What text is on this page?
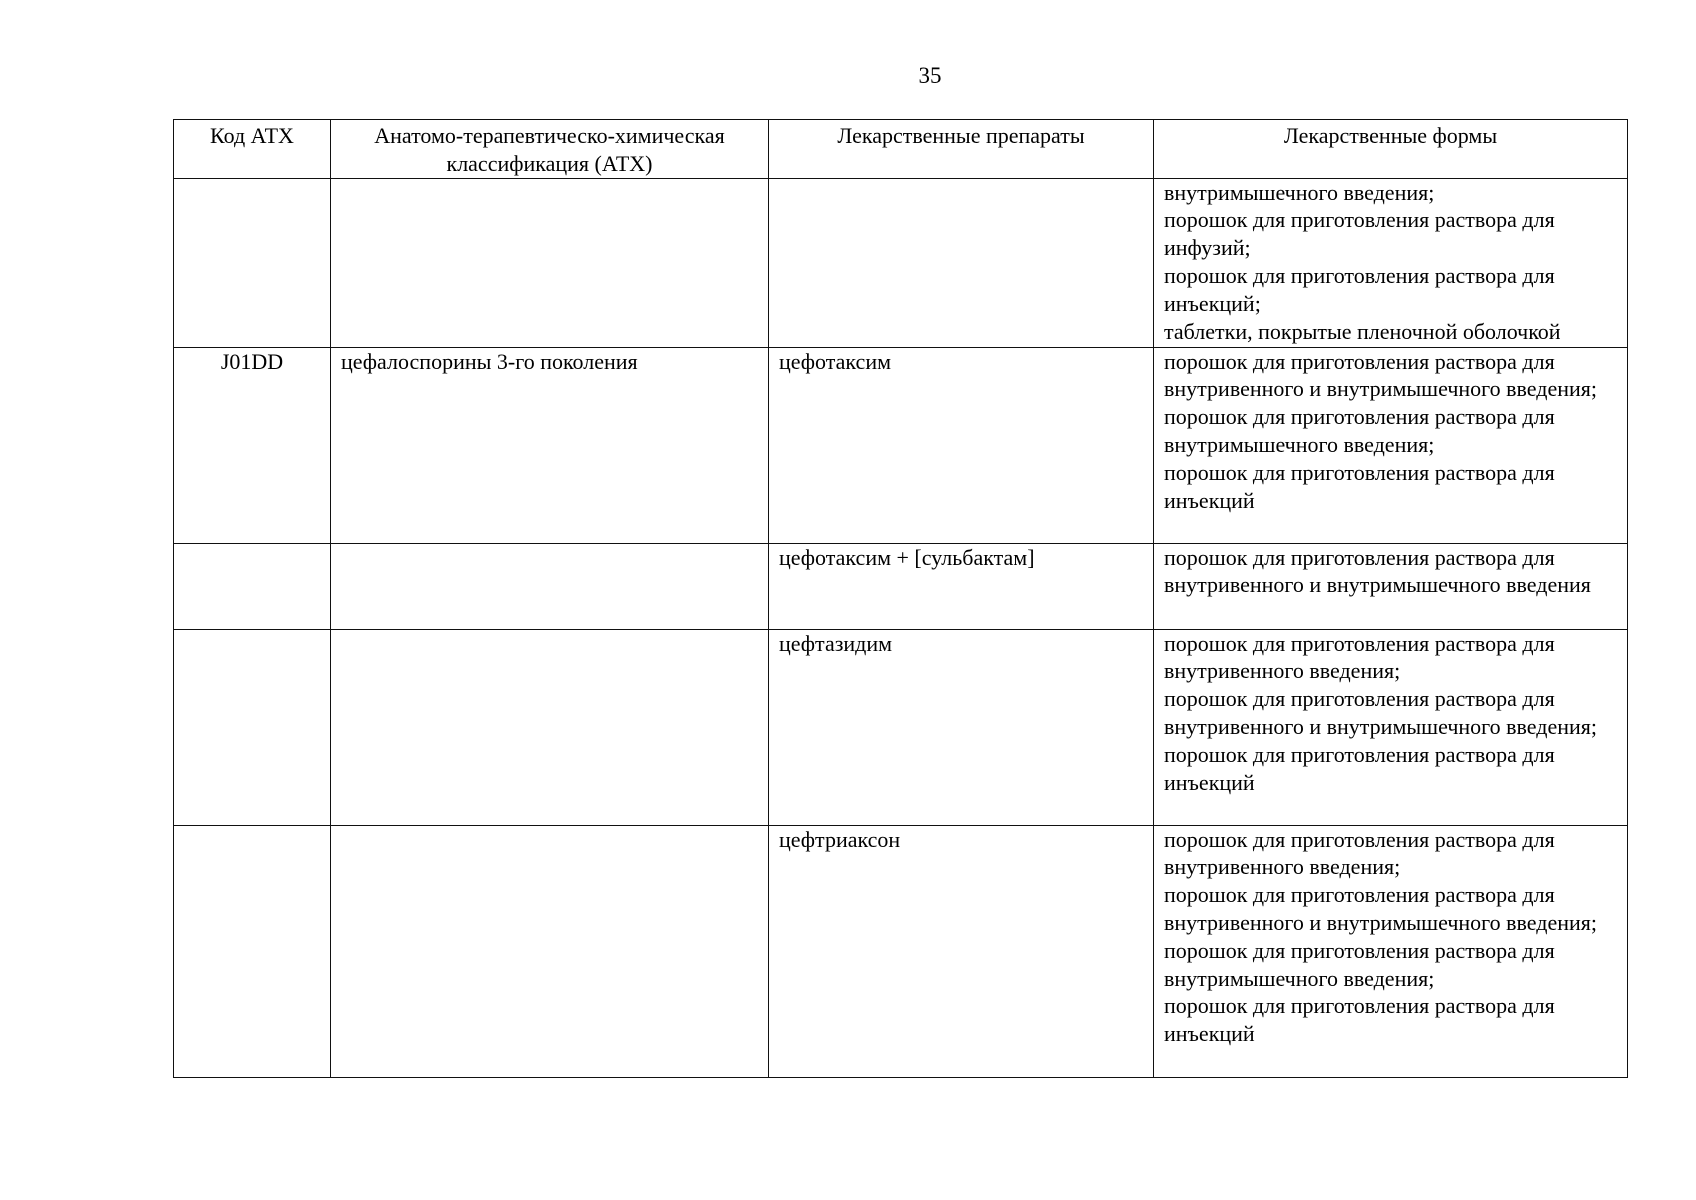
35
Код АТХ	Анатомо-терапевтическо-химическая классификация (АТХ)	Лекарственные препараты	Лекарственные формы
			внутримышечного введения;
порошок для приготовления раствора для инфузий;
порошок для приготовления раствора для инъекций;
таблетки, покрытые пленочной оболочкой
J01DD	цефалоспорины 3-го поколения	цефотаксим	порошок для приготовления раствора для внутривенного и внутримышечного введения;
порошок для приготовления раствора для внутримышечного введения;
порошок для приготовления раствора для инъекций
		цефотаксим + [сульбактам]	порошок для приготовления раствора для внутривенного и внутримышечного введения
		цефтазидим	порошок для приготовления раствора для внутривенного введения;
порошок для приготовления раствора для внутривенного и внутримышечного введения;
порошок для приготовления раствора для инъекций
		цефтриаксон	порошок для приготовления раствора для внутривенного введения;
порошок для приготовления раствора для внутривенного и внутримышечного введения;
порошок для приготовления раствора для внутримышечного введения;
порошок для приготовления раствора для инъекций
